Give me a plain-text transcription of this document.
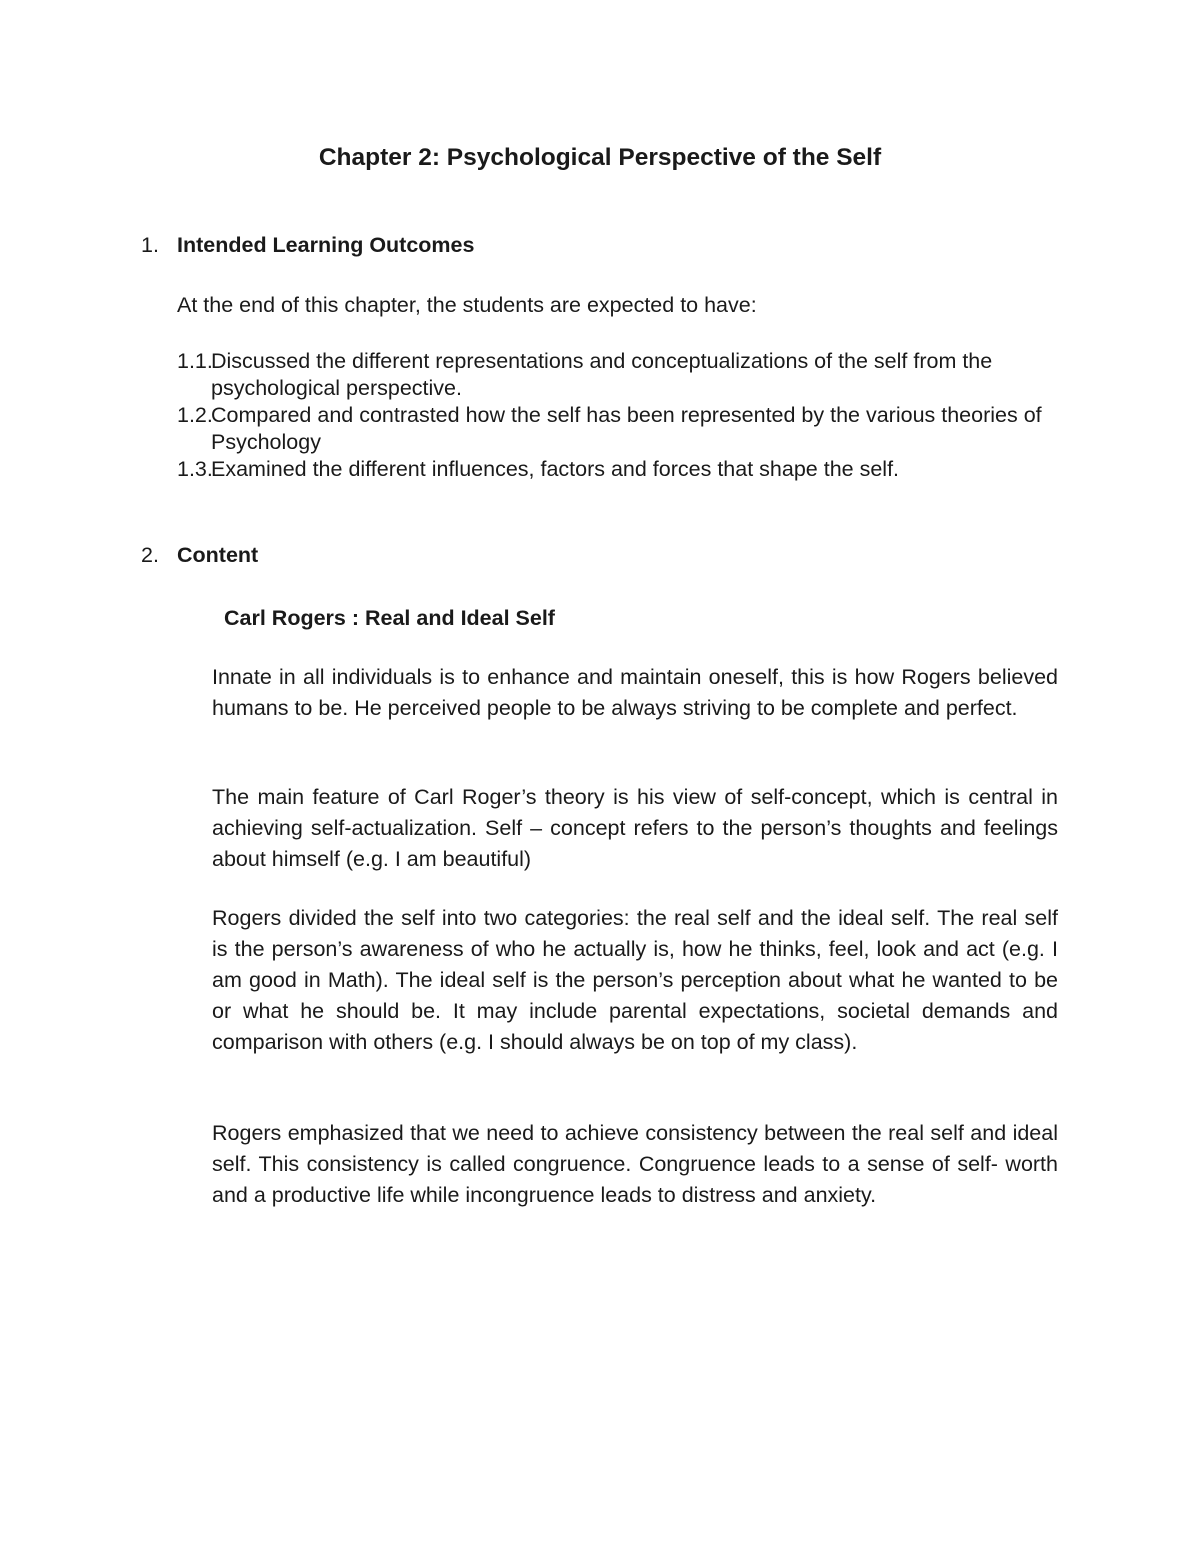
Chapter 2: Psychological Perspective of the Self
1. Intended Learning Outcomes
At the end of this chapter, the students are expected to have:
1.1.
Discussed the different representations and conceptualizations of the self from the psychological perspective.
1.2.
Compared and contrasted how the self has been represented by the various theories of Psychology
1.3.
Examined the different influences, factors and forces that shape the self.
2. Content
Carl Rogers : Real and Ideal Self

Innate in all individuals is to enhance and maintain oneself, this is how Rogers believed humans to be. He perceived people to be always striving to be complete and perfect.

The main feature of Carl Roger’s theory is his view of self-concept, which is central in achieving self-actualization. Self – concept refers to the person’s thoughts and feelings about himself (e.g. I am beautiful)

Rogers divided the self into two categories: the real self and the ideal self. The real self is the person’s awareness of who he actually is, how he thinks, feel, look and act (e.g. I am good in Math). The ideal self is the person’s perception about what he wanted to be or what he should be. It may include parental expectations, societal demands and comparison with others (e.g. I should always be on top of my class).

Rogers emphasized that we need to achieve consistency between the real self and ideal self. This consistency is called congruence. Congruence leads to a sense of self- worth and a productive life while incongruence leads to distress and anxiety.
